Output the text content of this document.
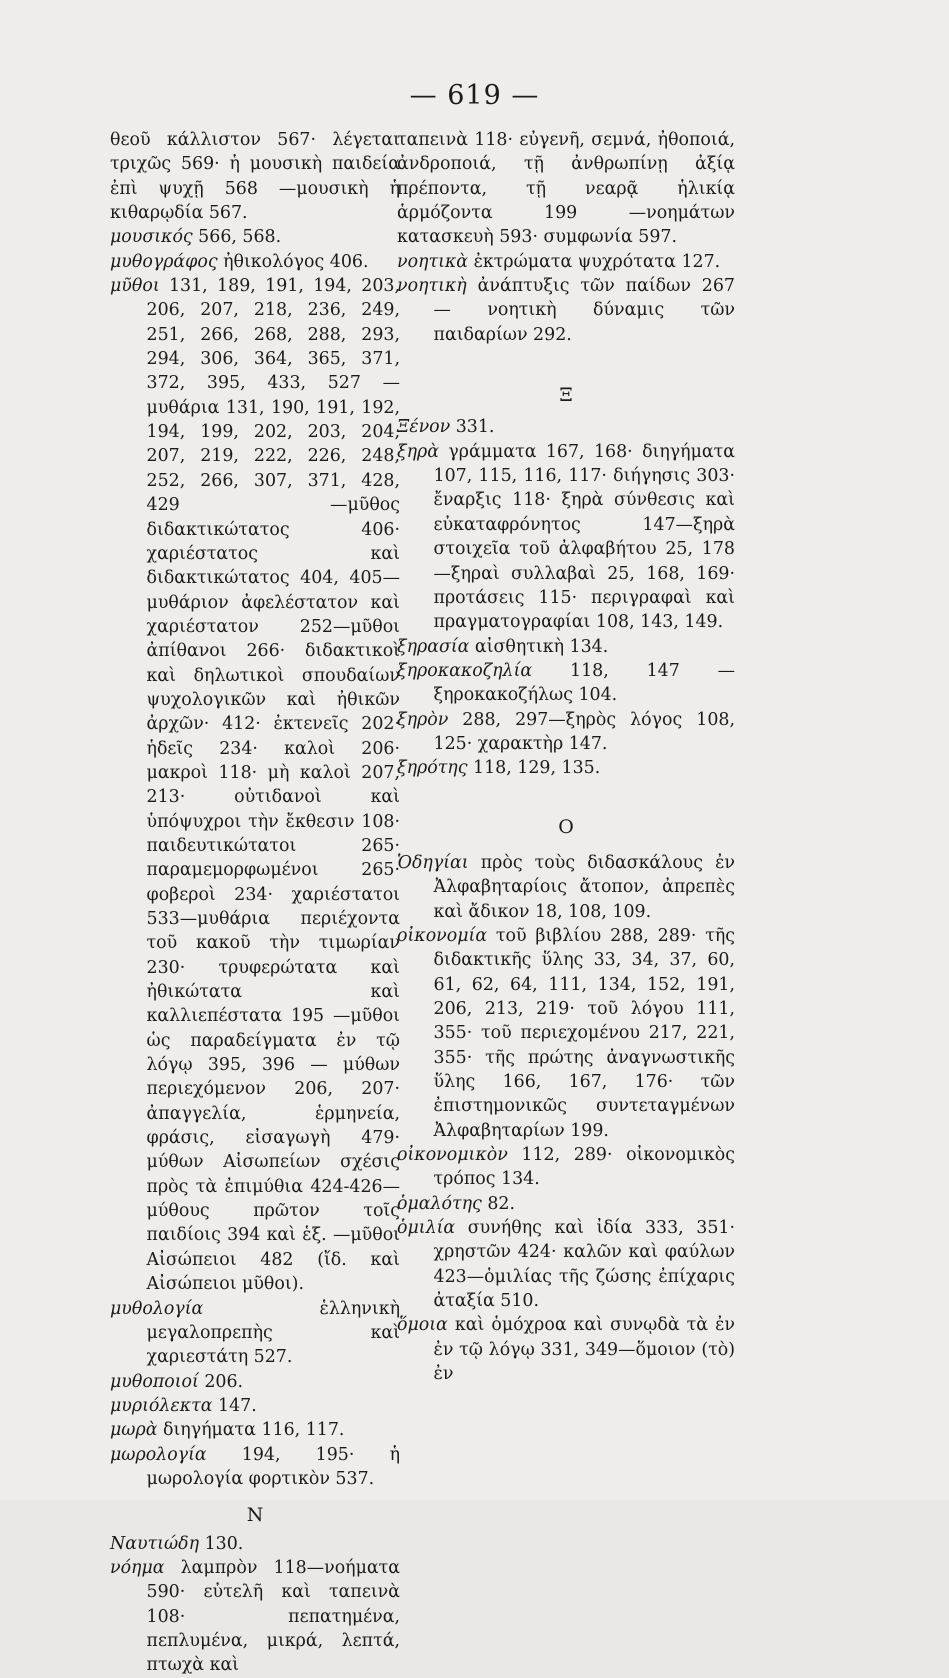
— 619 —

θεοῦ κάλλιστον 567· λέγεται τριχῶς 569· ἡ μουσικὴ παιδεία ἐπὶ ψυχῇ 568 —μουσικὴ ἡ κιθαρῳδία 567.

μουσικός 566, 568.

μυθογράφος ἠθικολόγος 406.

μῦθοι 131, 189, 191, 194, 203, 206, 207, 218, 236, 249, 251, 266, 268, 288, 293, 294, 306, 364, 365, 371, 372, 395, 433, 527 — μυθάρια 131, 190, 191, 192, 194, 199, 202, 203, 204, 207, 219, 222, 226, 248, 252, 266, 307, 371, 428, 429 —μῦθος διδακτικώτατος 406· χαριέστατος καὶ διδακτικώτατος 404, 405—μυθάριον ἀφελέστατον καὶ χαριέστατον 252—μῦθοι ἀπίθανοι 266· διδακτικοὶ καὶ δηλωτικοὶ σπουδαίων ψυχολογικῶν καὶ ἠθικῶν ἀρχῶν· 412· ἐκτενεῖς 202· ἡδεῖς 234· καλοὶ 206· μακροὶ 118· μὴ καλοὶ 207, 213· οὐτιδανοὶ καὶ ὑπόψυχροι τὴν ἔκθεσιν 108· παιδευτικώτατοι 265· παραμεμορφωμένοι 265· φοβεροὶ 234· χαριέστατοι 533—μυθάρια περιέχοντα τοῦ κακοῦ τὴν τιμωρίαν 230· τρυφερώτατα καὶ ἠθικώτατα καὶ καλλιεπέστατα 195 —μῦθοι ὡς παραδείγματα ἐν τῷ λόγῳ 395, 396 — μύθων περιεχόμενον 206, 207· ἀπαγγελία, ἑρμηνεία, φράσις, εἰσαγωγὴ 479· μύθων Αἰσωπείων σχέσις πρὸς τὰ ἐπιμύθια 424-426—μύθους πρῶτον τοῖς παιδίοις 394 καὶ ἑξ. —μῦθοι Αἰσώπειοι 482 (ἴδ. καὶ Αἰσώπειοι μῦθοι).

μυθολογία ἑλληνικὴ μεγαλοπρεπὴς καὶ χαριεστάτη 527.

μυθοποιοί 206.

μυριόλεκτα 147.

μωρὰ διηγήματα 116, 117.

μωρολογία 194, 195· ἡ μωρολογία φορτικὸν 537.

Ν

Ναυτιώδη 130.

νόημα λαμπρὸν 118—νοήματα 590· εὐτελῆ καὶ ταπεινὰ 108· πεπατημένα, πεπλυμένα, μικρά, λεπτά, πτωχὰ καὶ

ταπεινὰ 118· εὐγενῆ, σεμνά, ἠθοποιά, ἀνδροποιά, τῇ ἀνθρωπίνῃ ἀξίᾳ πρέποντα, τῇ νεαρᾷ ἡλικίᾳ ἁρμόζοντα 199 —νοημάτων κατασκευὴ 593· συμφωνία 597.

νοητικὰ ἐκτρώματα ψυχρότατα 127.

νοητικὴ ἀνάπτυξις τῶν παίδων 267 — νοητικὴ δύναμις τῶν παιδαρίων 292.

Ξ

Ξένον 331.

ξηρὰ γράμματα 167, 168· διηγήματα 107, 115, 116, 117· διήγησις 303· ἔναρξις 118· ξηρὰ σύνθεσις καὶ εὐκαταφρόνητος 147—ξηρὰ στοιχεῖα τοῦ ἀλφαβήτου 25, 178—ξηραὶ συλλαβαὶ 25, 168, 169· προτάσεις 115· περιγραφαὶ καὶ πραγματογραφίαι 108, 143, 149.

ξηρασία αἰσθητικὴ 134.

ξηροκακοζηλία 118, 147 —ξηροκακοζήλως 104.

ξηρὸν 288, 297—ξηρὸς λόγος 108, 125· χαρακτὴρ 147.

ξηρότης 118, 129, 135.

Ο

Ὁδηγίαι πρὸς τοὺς διδασκάλους ἐν Ἀλφαβηταρίοις ἄτοπον, ἀπρεπὲς καὶ ἄδικον 18, 108, 109.

οἰκονομία τοῦ βιβλίου 288, 289· τῆς διδακτικῆς ὕλης 33, 34, 37, 60, 61, 62, 64, 111, 134, 152, 191, 206, 213, 219· τοῦ λόγου 111, 355· τοῦ περιεχομένου 217, 221, 355· τῆς πρώτης ἀναγνωστικῆς ὕλης 166, 167, 176· τῶν ἐπιστημονικῶς συντεταγμένων Ἀλφαβηταρίων 199.

οἰκονομικὸν 112, 289· οἰκονομικὸς τρόπος 134.

ὁμαλότης 82.

ὁμιλία συνήθης καὶ ἰδία 333, 351· χρηστῶν 424· καλῶν καὶ φαύλων 423—ὁμιλίας τῆς ζώσης ἐπίχαρις ἀταξία 510.

ὅμοια καὶ ὁμόχροα καὶ συνῳδὰ τὰ ἐν ἐν τῷ λόγῳ 331, 349—ὅμοιον (τὸ) ἐν
